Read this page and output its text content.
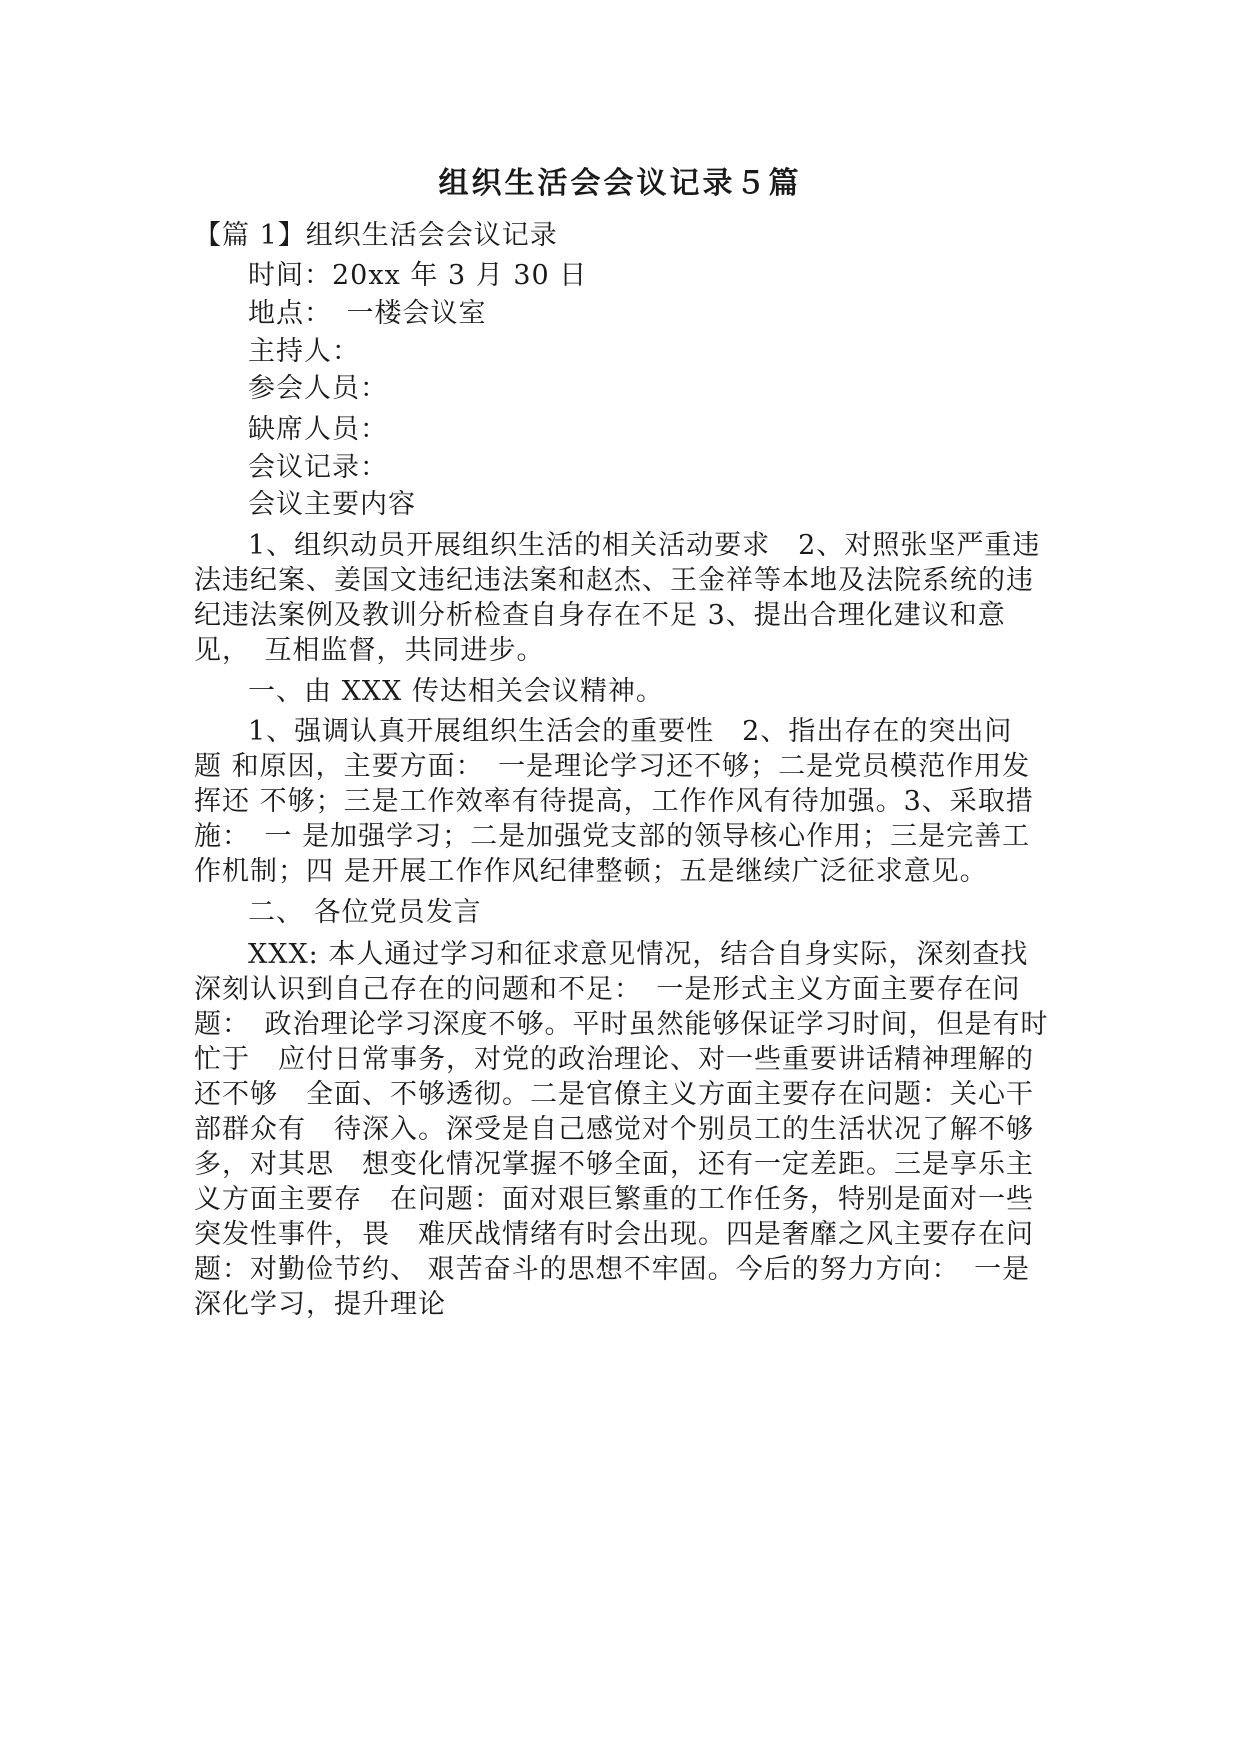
组织生活会会议记录５篇
【篇 1】组织生活会会议记录
时间：20xx 年 3 月 30 日
地点：　一楼会议室
主持人：
参会人员：
缺席人员：
会议记录：
会议主要内容
1、组织动员开展组织生活的相关活动要求　2、对照张坚严重违
法违纪案、姜国文违纪违法案和赵杰、王金祥等本地及法院系统的违
纪违法案例及教训分析检查自身存在不足 3、提出合理化建议和意
见，　互相监督，共同进步。
一、由 XXX 传达相关会议精神。
1、强调认真开展组织生活会的重要性　2、指出存在的突出问
题 和原因，主要方面：　一是理论学习还不够；二是党员模范作用发
挥还 不够；三是工作效率有待提高，工作作风有待加强。3、采取措
施：　一 是加强学习；二是加强党支部的领导核心作用；三是完善工
作机制；四 是开展工作作风纪律整顿；五是继续广泛征求意见。
二、 各位党员发言
XXX: 本人通过学习和征求意见情况，结合自身实际，深刻查找
深刻认识到自己存在的问题和不足：　一是形式主义方面主要存在问
题：　政治理论学习深度不够。平时虽然能够保证学习时间，但是有时
忙于　应付日常事务，对党的政治理论、对一些重要讲话精神理解的
还不够　全面、不够透彻。二是官僚主义方面主要存在问题：关心干
部群众有　待深入。深受是自己感觉对个别员工的生活状况了解不够
多，对其思　想变化情况掌握不够全面，还有一定差距。三是享乐主
义方面主要存　在问题：面对艰巨繁重的工作任务，特别是面对一些
突发性事件，畏　难厌战情绪有时会出现。四是奢靡之风主要存在问
题：对勤俭节约、 艰苦奋斗的思想不牢固。今后的努力方向：　一是
深化学习，提升理论
